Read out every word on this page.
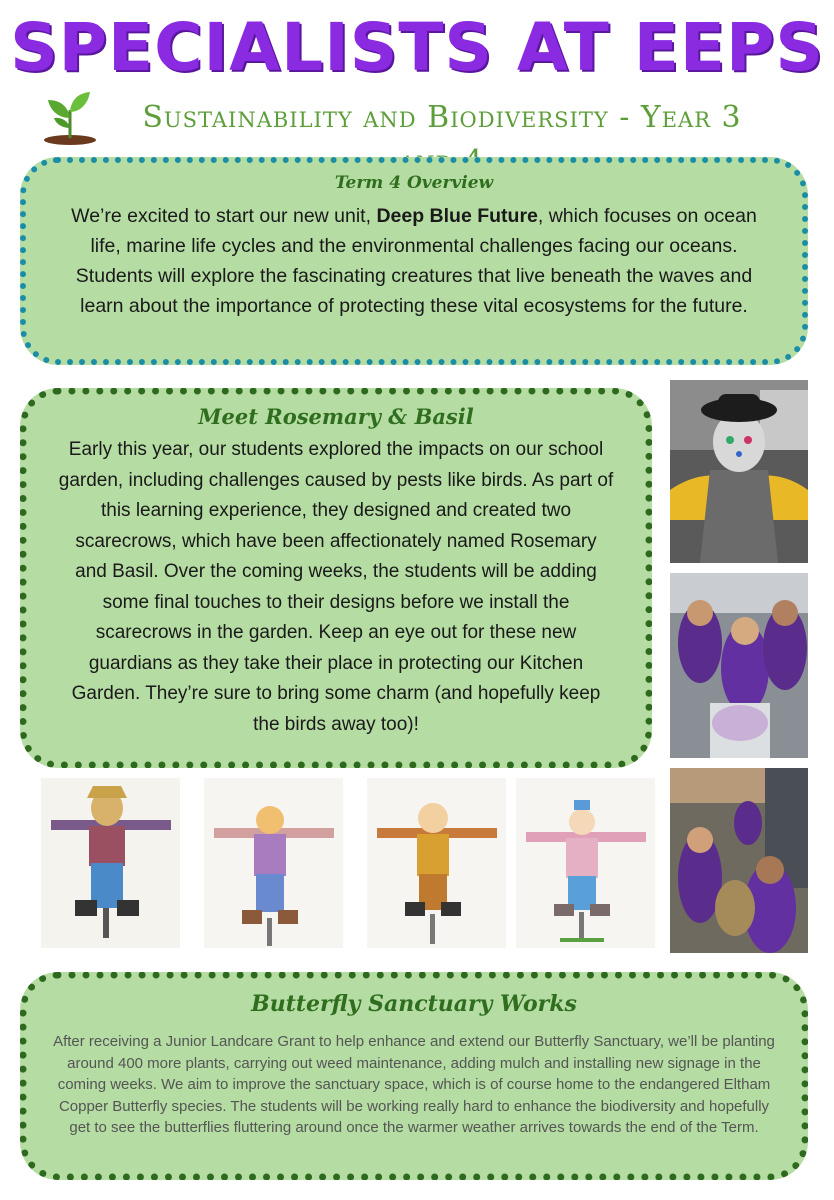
SPECIALISTS AT EEPS
Sustainability and Biodiversity - Year 3
Term 4 Overview
We’re excited to start our new unit, Deep Blue Future, which focuses on ocean life, marine life cycles and the environmental challenges facing our oceans. Students will explore the fascinating creatures that live beneath the waves and learn about the importance of protecting these vital ecosystems for the future.
Meet Rosemary & Basil
Early this year, our students explored the impacts on our school garden, including challenges caused by pests like birds. As part of this learning experience, they designed and created two scarecrows, which have been affectionately named Rosemary and Basil. Over the coming weeks, the students will be adding some final touches to their designs before we install the scarecrows in the garden. Keep an eye out for these new guardians as they take their place in protecting our Kitchen Garden. They’re sure to bring some charm (and hopefully keep the birds away too)!
Butterfly Sanctuary Works
After receiving a Junior Landcare Grant to help enhance and extend our Butterfly Sanctuary, we’ll be planting around 400 more plants, carrying out weed maintenance, adding mulch and installing new signage in the coming weeks. We aim to improve the sanctuary space, which is of course home to the endangered Eltham Copper Butterfly species. The students will be working really hard to enhance the biodiversity and hopefully get to see the butterflies fluttering around once the warmer weather arrives towards the end of the Term.
